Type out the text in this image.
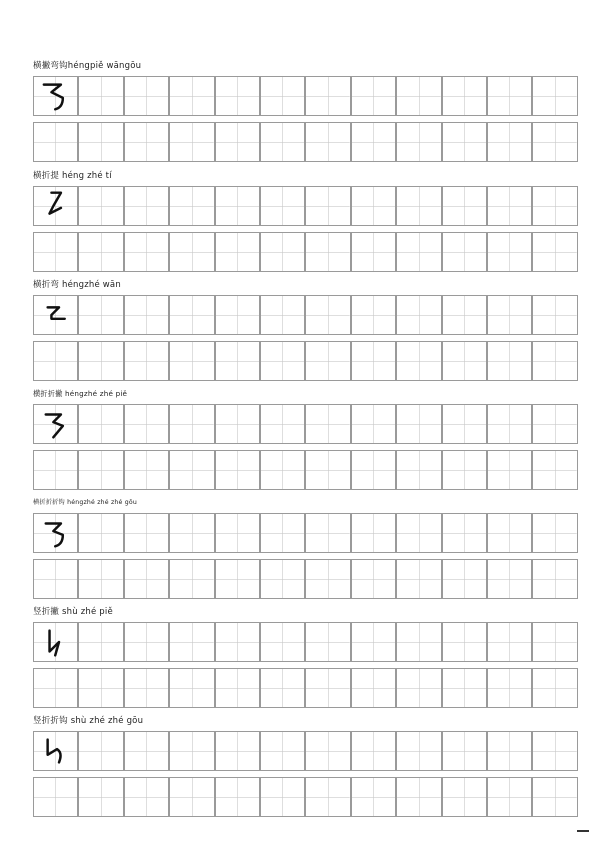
横撇弯钩héngpiě wāngōu
横折提 héng zhé tí
横折弯 héngzhé wān
横折折撇 héngzhé zhé piě
横折折折钩 héngzhé zhé zhé gōu
竖折撇 shù zhé piě
竖折折钩 shù zhé zhé gōu
